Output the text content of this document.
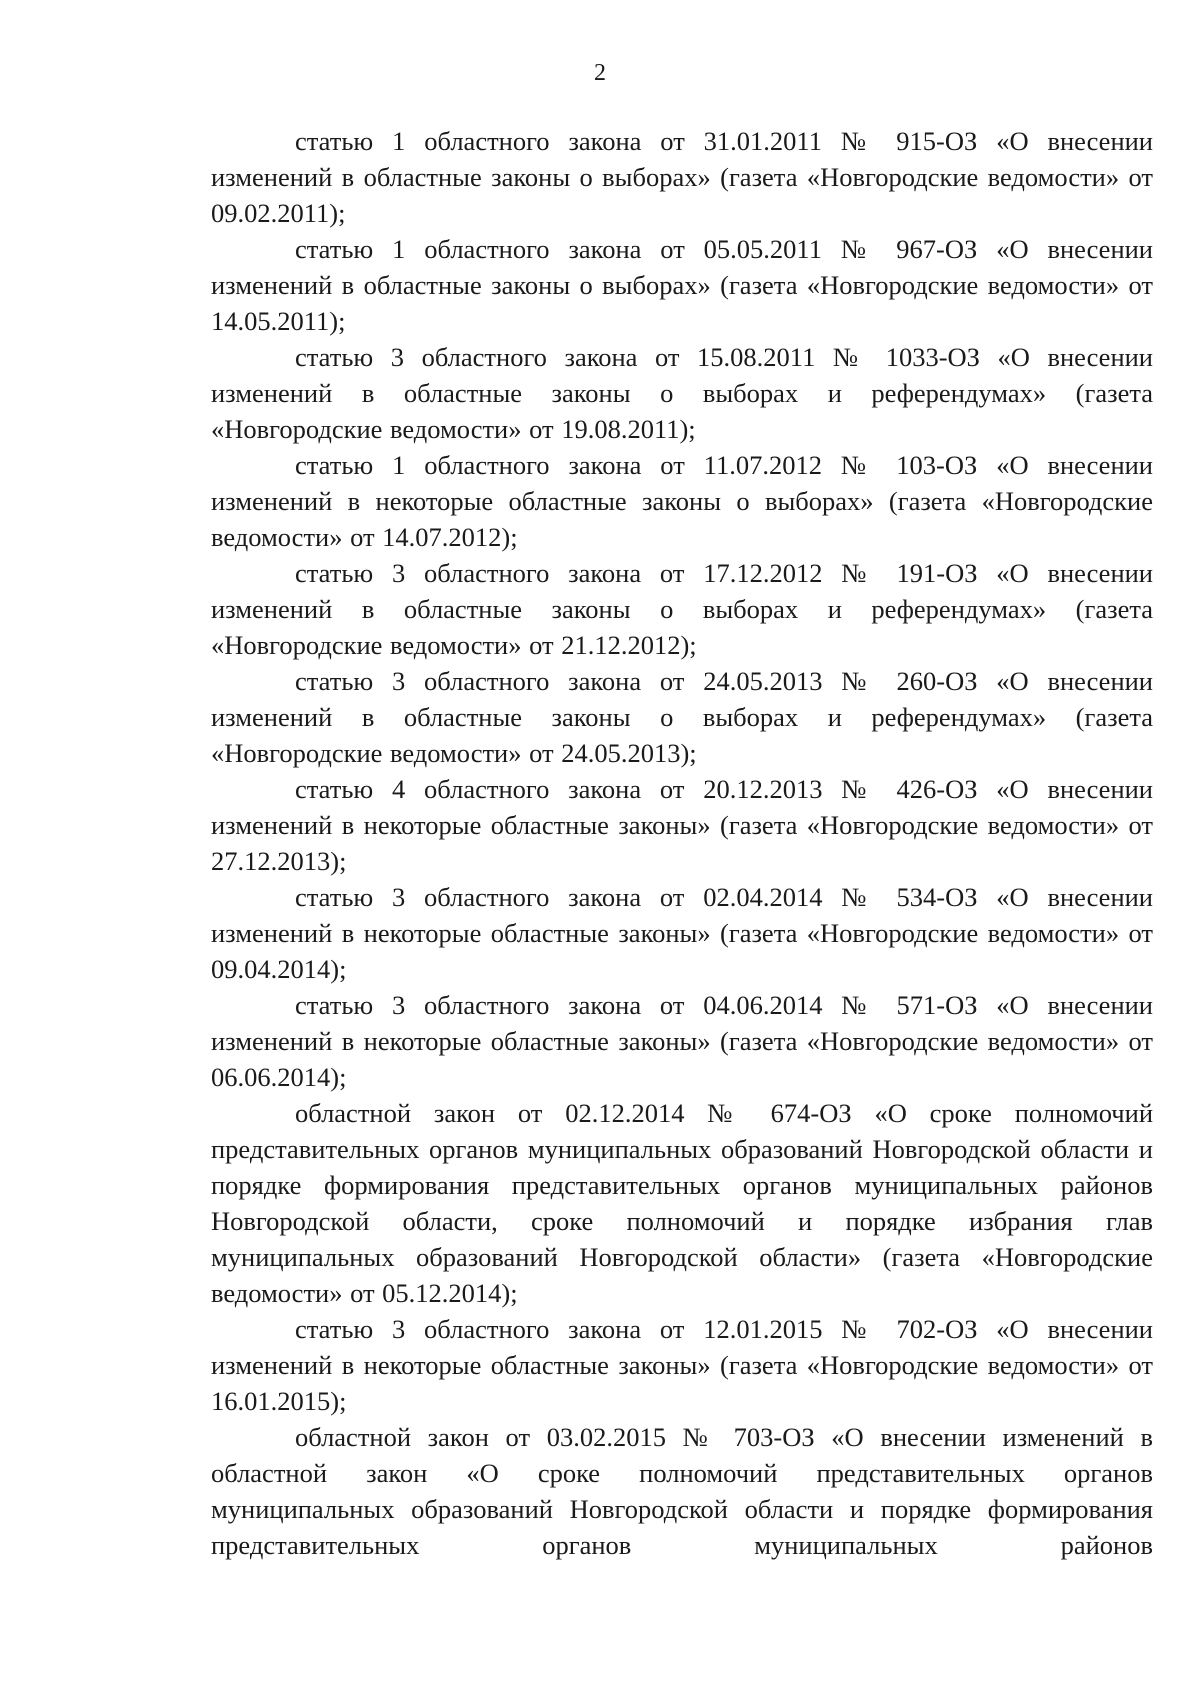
2

статью 1 областного закона от 31.01.2011 № 915-ОЗ «О внесении изменений в областные законы о выборах» (газета «Новгородские ведомости» от 09.02.2011);

статью 1 областного закона от 05.05.2011 № 967-ОЗ «О внесении изменений в областные законы о выборах» (газета «Новгородские ведомости» от 14.05.2011);

статью 3 областного закона от 15.08.2011 № 1033-ОЗ «О внесении изменений в областные законы о выборах и референдумах» (газета «Новгородские ведомости» от 19.08.2011);

статью 1 областного закона от 11.07.2012 № 103-ОЗ «О внесении изменений в некоторые областные законы о выборах» (газета «Новгородские ведомости» от 14.07.2012);

статью 3 областного закона от 17.12.2012 № 191-ОЗ «О внесении изменений в областные законы о выборах и референдумах» (газета «Новгородские ведомости» от 21.12.2012);

статью 3 областного закона от 24.05.2013 № 260-ОЗ «О внесении изменений в областные законы о выборах и референдумах» (газета «Новгородские ведомости» от 24.05.2013);

статью 4 областного закона от 20.12.2013 № 426-ОЗ «О внесении изменений в некоторые областные законы» (газета «Новгородские ведомости» от 27.12.2013);

статью 3 областного закона от 02.04.2014 № 534-ОЗ «О внесении изменений в некоторые областные законы» (газета «Новгородские ведомости» от 09.04.2014);

статью 3 областного закона от 04.06.2014 № 571-ОЗ «О внесении изменений в некоторые областные законы» (газета «Новгородские ведомости» от 06.06.2014);

областной закон от 02.12.2014 № 674-ОЗ «О сроке полномочий представительных органов муниципальных образований Новгородской области и порядке формирования представительных органов муниципальных районов Новгородской области, сроке полномочий и порядке избрания глав муниципальных образований Новгородской области» (газета «Новгородские ведомости» от 05.12.2014);

статью 3 областного закона от 12.01.2015 № 702-ОЗ «О внесении изменений в некоторые областные законы» (газета «Новгородские ведомости» от 16.01.2015);

областной закон от 03.02.2015 № 703-ОЗ «О внесении изменений в областной закон «О сроке полномочий представительных органов муниципальных образований Новгородской области и порядке формирования представительных органов муниципальных районов
